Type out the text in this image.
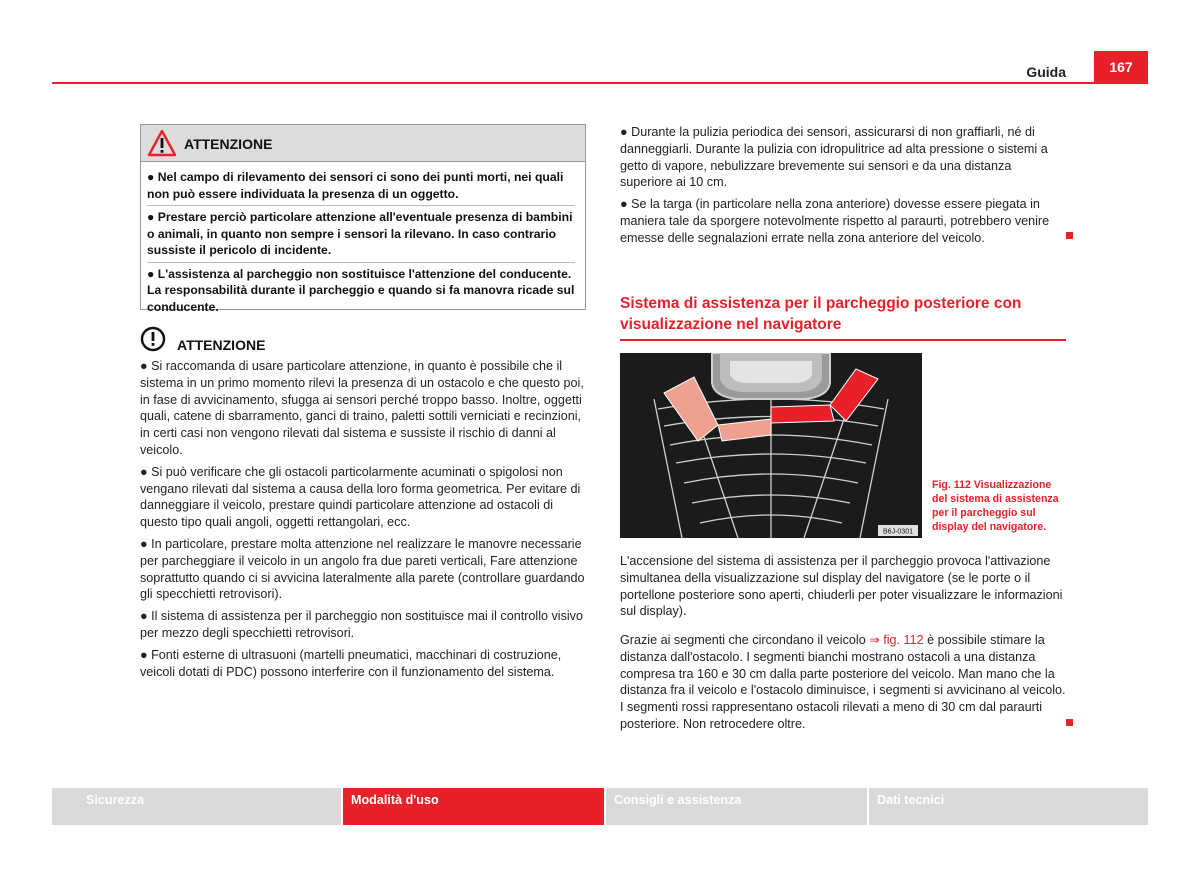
Guida	167
ATTENZIONE
● Nel campo di rilevamento dei sensori ci sono dei punti morti, nei quali non può essere individuata la presenza di un oggetto.
● Prestare perciò particolare attenzione all'eventuale presenza di bambini o animali, in quanto non sempre i sensori la rilevano. In caso contrario sussiste il pericolo di incidente.
● L'assistenza al parcheggio non sostituisce l'attenzione del conducente. La responsabilità durante il parcheggio e quando si fa manovra ricade sul conducente.
ATTENZIONE
● Si raccomanda di usare particolare attenzione, in quanto è possibile che il sistema in un primo momento rilevi la presenza di un ostacolo e che questo poi, in fase di avvicinamento, sfugga ai sensori perché troppo basso. Inoltre, oggetti quali, catene di sbarramento, ganci di traino, paletti sottili verniciati e recinzioni, in certi casi non vengono rilevati dal sistema e sussiste il rischio di danni al veicolo.
● Si può verificare che gli ostacoli particolarmente acuminati o spigolosi non vengano rilevati dal sistema a causa della loro forma geometrica. Per evitare di danneggiare il veicolo, prestare quindi particolare attenzione ad ostacoli di questo tipo quali angoli, oggetti rettangolari, ecc.
● In particolare, prestare molta attenzione nel realizzare le manovre necessarie per parcheggiare il veicolo in un angolo fra due pareti verticali, Fare attenzione soprattutto quando ci si avvicina lateralmente alla parete (controllare guardando gli specchietti retrovisori).
● Il sistema di assistenza per il parcheggio non sostituisce mai il controllo visivo per mezzo degli specchietti retrovisori.
● Fonti esterne di ultrasuoni (martelli pneumatici, macchinari di costruzione, veicoli dotati di PDC) possono interferire con il funzionamento del sistema.
● Durante la pulizia periodica dei sensori, assicurarsi di non graffiarli, né di danneggiarli. Durante la pulizia con idropulitrice ad alta pressione o sistemi a getto di vapore, nebulizzare brevemente sui sensori e da una distanza superiore ai 10 cm.
● Se la targa (in particolare nella zona anteriore) dovesse essere piegata in maniera tale da sporgere notevolmente rispetto al paraurti, potrebbero venire emesse delle segnalazioni errate nella zona anteriore del veicolo.
Sistema di assistenza per il parcheggio posteriore con visualizzazione nel navigatore
B6J-0301
Fig. 112 Visualizzazione del sistema di assistenza per il parcheggio sul display del navigatore.
L'accensione del sistema di assistenza per il parcheggio provoca l'attivazione simultanea della visualizzazione sul display del navigatore (se le porte o il portellone posteriore sono aperti, chiuderli per poter visualizzare le informazioni sul display).
Grazie ai segmenti che circondano il veicolo ⇒ fig. 112 è possibile stimare la distanza dall'ostacolo. I segmenti bianchi mostrano ostacoli a una distanza compresa tra 160 e 30 cm dalla parte posteriore del veicolo. Man mano che la distanza fra il veicolo e l'ostacolo diminuisce, i segmenti si avvicinano al veicolo. I segmenti rossi rappresentano ostacoli rilevati a meno di 30 cm dal paraurti posteriore. Non retrocedere oltre.
Sicurezza	Modalità d'uso	Consigli e assistenza	Dati tecnici
